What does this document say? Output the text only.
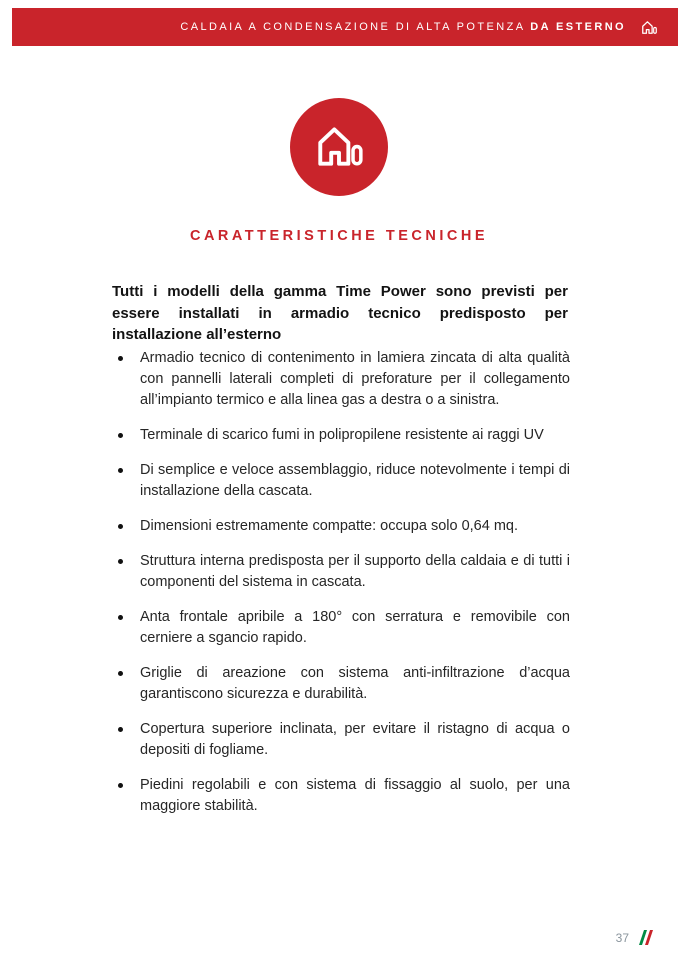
CALDAIA A CONDENSAZIONE DI ALTA POTENZA DA ESTERNO
CARATTERISTICHE TECNICHE

Tutti i modelli della gamma Time Power sono previsti per essere installati in armadio tecnico predisposto per installazione all’esterno

Armadio tecnico di contenimento in lamiera zincata di alta qualità con pannelli laterali completi di preforature per il collegamento all’impianto termico e alla linea gas a destra o a sinistra.
Terminale di scarico fumi in polipropilene resistente ai raggi UV
Di semplice e veloce assemblaggio, riduce notevolmente i tempi di installazione della cascata.
Dimensioni estremamente compatte: occupa solo 0,64 mq.
Struttura interna predisposta per il supporto della caldaia e di tutti i componenti del sistema in cascata.
Anta frontale apribile a 180° con serratura e removibile con cerniere a sgancio rapido.
Griglie di areazione con sistema anti-infiltrazione d’acqua garantiscono sicurezza e durabilità.
Copertura superiore inclinata, per evitare il ristagno di acqua o depositi di fogliame.
Piedini regolabili e con sistema di fissaggio al suolo, per una maggiore stabilità.
37
